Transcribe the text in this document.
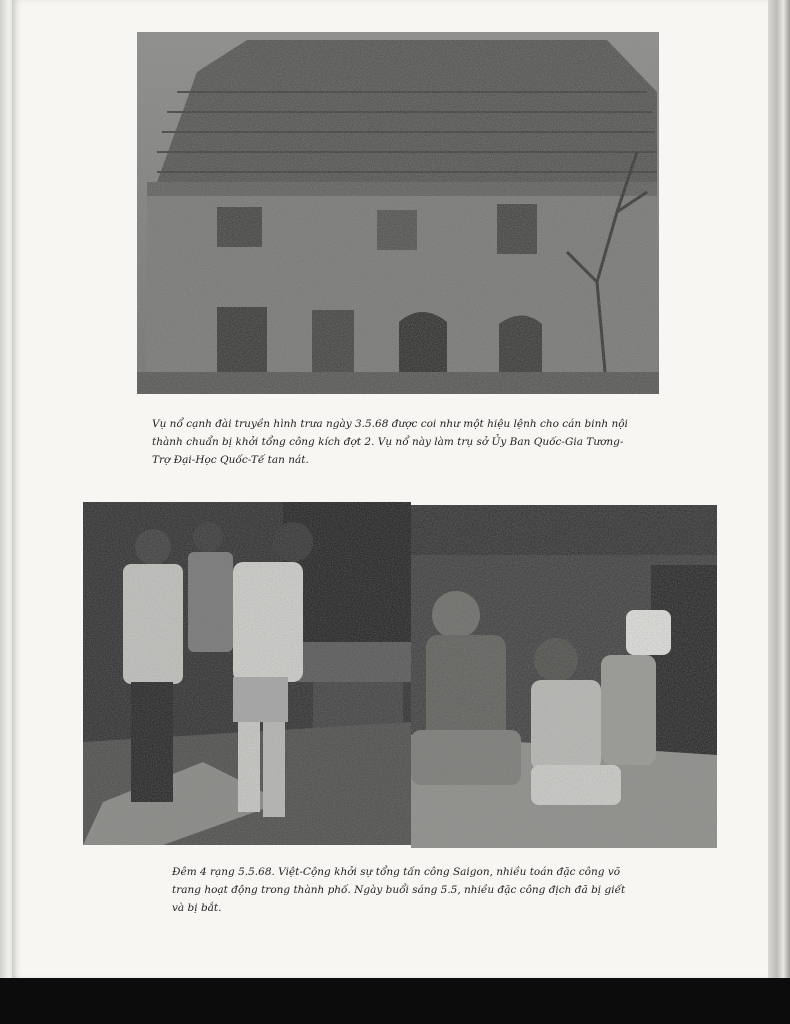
Vụ nổ cạnh đài truyền hình trưa ngày 3.5.68 được coi như một hiệu lệnh cho cán binh nội thành chuẩn bị khởi tổng công kích đợt 2. Vụ nổ này làm trụ sở Ủy Ban Quốc-Gia Tương-Trợ Đại-Học Quốc-Tế tan nát.

Đêm 4 rạng 5.5.68. Việt-Cộng khởi sự tổng tấn công Saigon, nhiều toán đặc công võ trang hoạt động trong thành phố. Ngày buổi sáng 5.5, nhiều đặc công địch đã bị giết và bị bắt.
